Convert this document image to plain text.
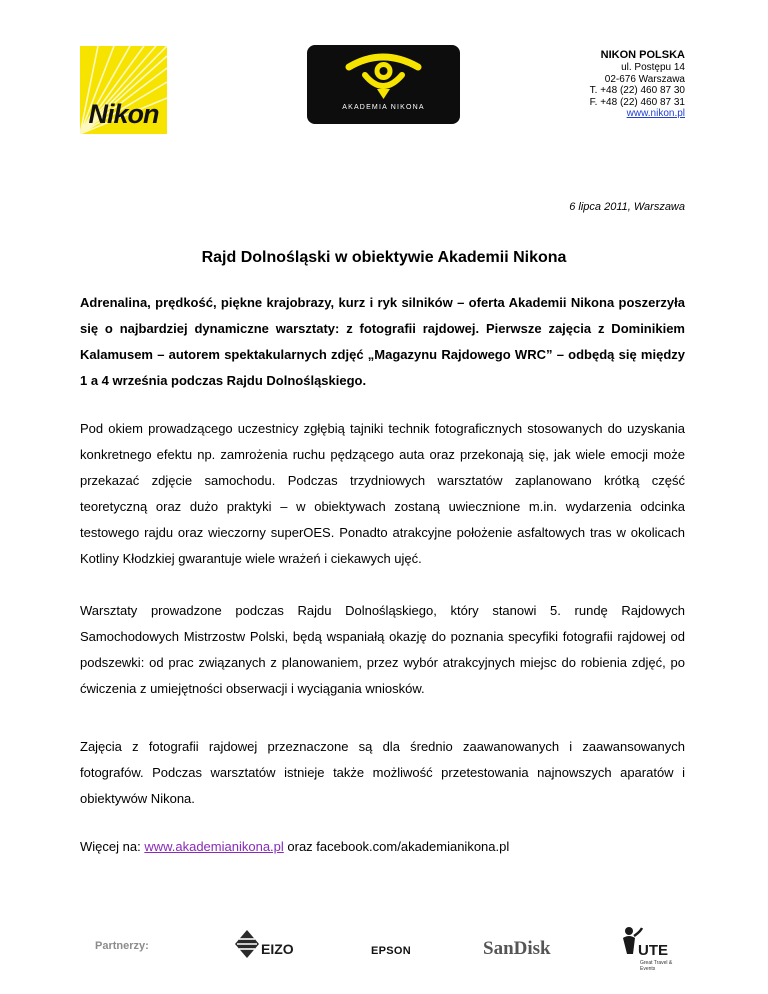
Nikon	AKADEMIA NIKONA
NIKON POLSKA
ul. Postępu 14
02-676 Warszawa
T. +48 (22) 460 87 30
F. +48 (22) 460 87 31
www.nikon.pl
6 lipca 2011, Warszawa
Rajd Dolnośląski w obiektywie Akademii Nikona

Adrenalina, prędkość, piękne krajobrazy, kurz i ryk silników – oferta Akademii Nikona poszerzyła się o najbardziej dynamiczne warsztaty: z fotografii rajdowej. Pierwsze zajęcia z Dominikiem Kalamusem – autorem spektakularnych zdjęć „Magazynu Rajdowego WRC” – odbędą się między 1 a 4 września podczas Rajdu Dolnośląskiego.

Pod okiem prowadzącego uczestnicy zgłębią tajniki technik fotograficznych stosowanych do uzyskania konkretnego efektu np. zamrożenia ruchu pędzącego auta oraz przekonają się, jak wiele emocji może przekazać zdjęcie samochodu. Podczas trzydniowych warsztatów zaplanowano krótką część teoretyczną oraz dużo praktyki – w obiektywach zostaną uwiecznione m.in. wydarzenia odcinka testowego rajdu oraz wieczorny superOES. Ponadto atrakcyjne położenie asfaltowych tras w okolicach Kotliny Kłodzkiej gwarantuje wiele wrażeń i ciekawych ujęć.

Warsztaty prowadzone podczas Rajdu Dolnośląskiego, który stanowi 5. rundę Rajdowych Samochodowych Mistrzostw Polski, będą wspaniałą okazję do poznania specyfiki fotografii rajdowej od podszewki: od prac związanych z planowaniem, przez wybór atrakcyjnych miejsc do robienia zdjęć, po ćwiczenia z umiejętności obserwacji i wyciągania wniosków.

Zajęcia z fotografii rajdowej przeznaczone są dla średnio zaawanowanych i zaawansowanych fotografów. Podczas warsztatów istnieje także możliwość przetestowania najnowszych aparatów i obiektywów Nikona.

Więcej na: www.akademianikona.pl oraz facebook.com/akademianikona.pl
Partnerzy:	EIZO	EPSON	SanDisk	UTE
Great Travel & Events
